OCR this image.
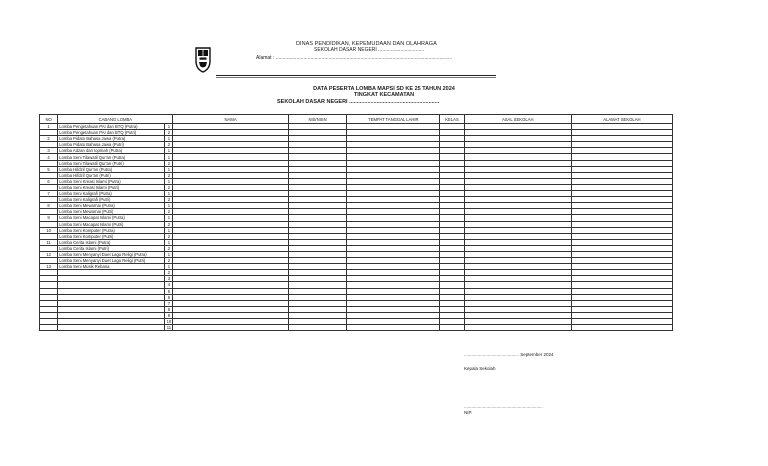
DINAS PENDIDIKAN, KEPEMUDAAN DAN OLAHRAGA
SEKOLAH DASAR NEGERI .................................
Alamat : ...............................................................................................................................
DATA PESERTA LOMBA MAPSI SD KE 25 TAHUN 2024
TINGKAT KECAMATAN
SEKOLAH DASAR NEGERI ...........................................................
NO	CABANG LOMBA		NAMA	NIS/NISN	TEMPAT TANGGAL LAHIR	KELAS	ASAL SEKOLAH	ALAMAT SEKOLAH
1	Lomba Pengetahuan PAI dan BTQ (Putra)	1						
	Lomba Pengetahuan PAI dan BTQ (Putri)	2						
2	Lomba Pidato Bahasa Jawa (Putra)	1						
	Lomba Pidato Bahasa Jawa (Putri)	2						
3	Lomba Adzan dan Iqomah (Putra)	1						
4	Lomba Seni Tilawatil Qur'an (Putra)	1						
	Lomba Seni Tilawatil Qur'an (Putri)	2						
5	Lomba Hifdzil Qur'an (Putra)	1						
	Lomba Hifdzil Qur'an (Putri)	2						
6	Lomba Seni Kreasi Islami (Putra)	1						
	Lomba Seni Kreasi Islami (Putri)	2						
7	Lomba Seni Kaligrafi (Putra)	1						
	Lomba Seni Kaligrafi (Putri)	2						
8	Lomba Seni Mewarnai (Putra)	1						
	Lomba Seni Mewarnai (Putri)	2						
9	Lomba Seni Macapat Islami (Putra)	1						
	Lomba Seni Macapat Islami (Putri)	2						
10	Lomba Seni Komputer (Putra)	1						
	Lomba Seni Komputer (Putri)	2						
11	Lomba Cerita Islami (Putra)	1						
	Lomba Cerita Islami (Putri)	2						
12	Lomba Seni Menyanyi Duet Lagu Religi (Putra)	1						
	Lomba Seni Menyanyi Duet Lagu Religi (Putri)	2						
13	Lomba Seni Musik Rebana	1						
		2						
		3						
		4						
		5						
		6						
		7						
		8						
		9						
		10						
		11						
............................................ September 2024
Kepala Sekolah
...............................................................
NIP.
